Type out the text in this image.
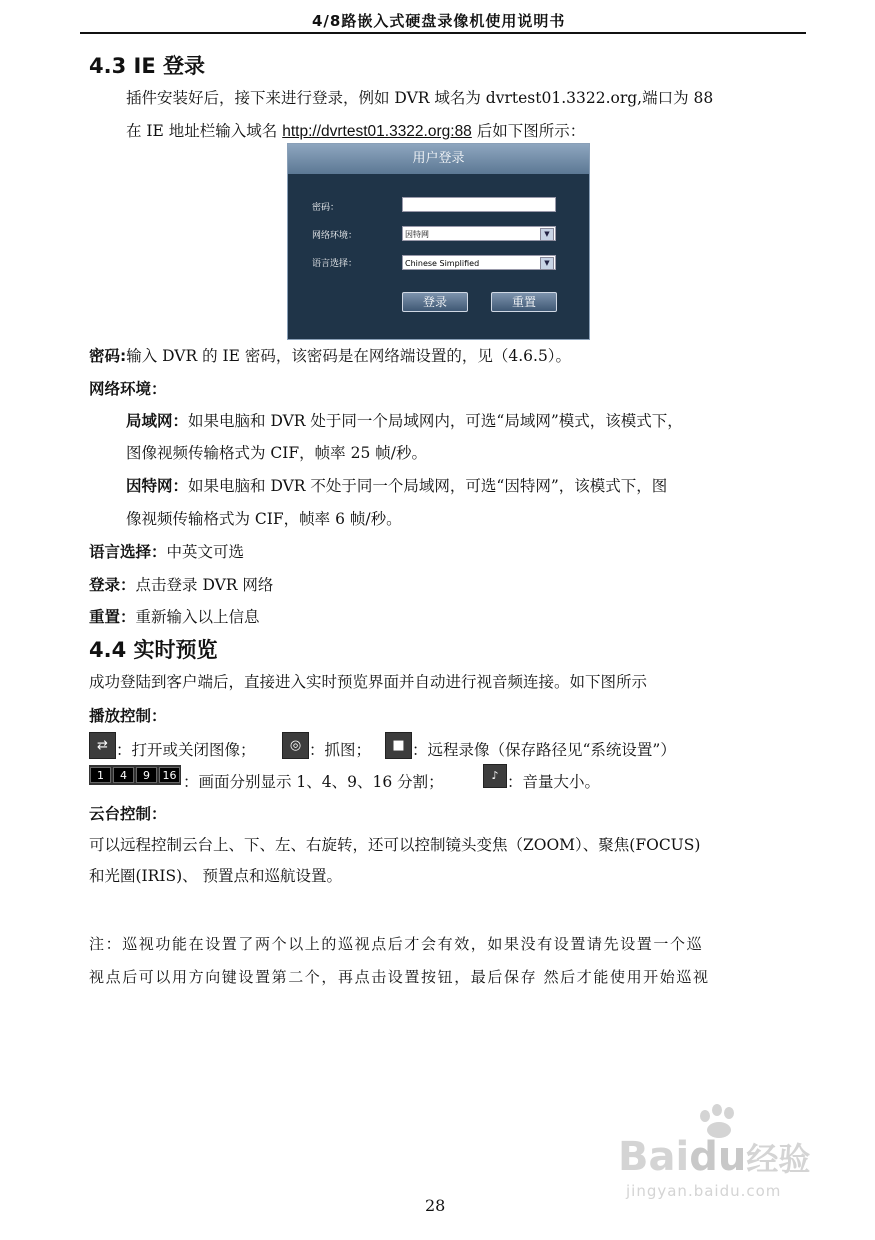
4/8路嵌入式硬盘录像机使用说明书
4.3 IE 登录
插件安装好后，接下来进行登录，例如 DVR 域名为 dvrtest01.3322.org,端口为 88
在 IE 地址栏输入域名 http://dvrtest01.3322.org:88 后如下图所示：
用户登录
密码：
网络环境：	因特网	▼
语言选择：	Chinese Simplified	▼
登录	重置
密码:输入 DVR 的 IE 密码，该密码是在网络端设置的，见（4.6.5）。
网络环境：
局域网：如果电脑和 DVR 处于同一个局域网内，可选“局域网”模式，该模式下，
图像视频传输格式为 CIF，帧率 25 帧/秒。
因特网：如果电脑和 DVR 不处于同一个局域网，可选“因特网”，该模式下，图
像视频传输格式为 CIF，帧率 6 帧/秒。
语言选择：中英文可选
登录：点击登录 DVR 网络
重置：重新输入以上信息
4.4 实时预览
成功登陆到客户端后，直接进入实时预览界面并自动进行视音频连接。如下图所示
播放控制：
⇄ ：打开或关闭图像；	◎ ：抓图；	■ ：远程录像（保存路径见“系统设置”）
1	4	9	16 ：画面分别显示 1、4、9、16 分割；	♪ ：音量大小。
云台控制：
可以远程控制云台上、下、左、右旋转，还可以控制镜头变焦（ZOOM）、聚焦(FOCUS)
和光圈(IRIS)、 预置点和巡航设置。
注：巡视功能在设置了两个以上的巡视点后才会有效，如果没有设置请先设置一个巡
视点后可以用方向键设置第二个，再点击设置按钮，最后保存 然后才能使用开始巡视
Baidu经验
jingyan.baidu.com
28
